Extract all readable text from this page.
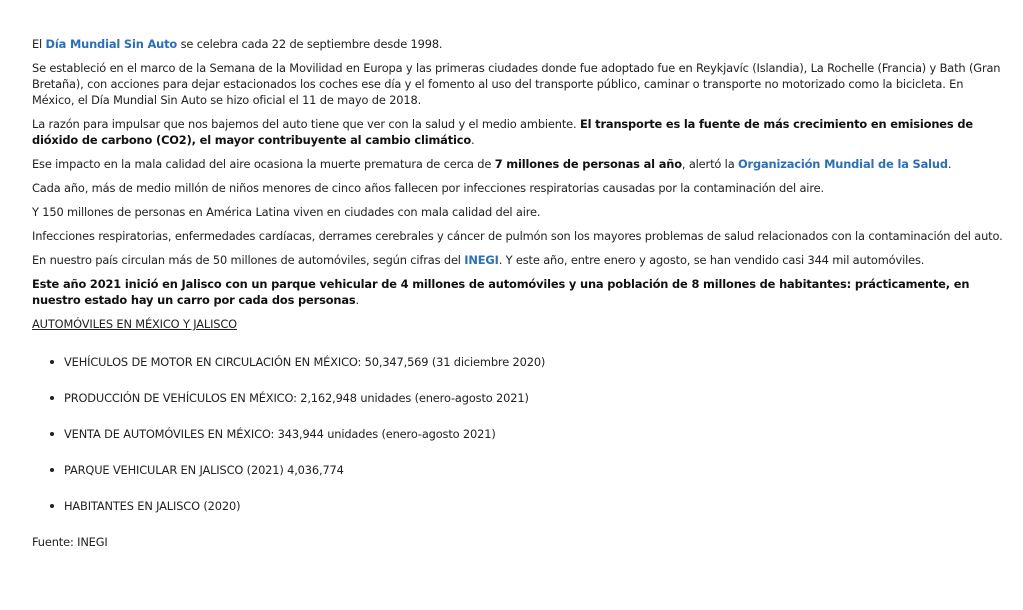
El Día Mundial Sin Auto se celebra cada 22 de septiembre desde 1998.

Se estableció en el marco de la Semana de la Movilidad en Europa y las primeras ciudades donde fue adoptado fue en Reykjavíc (Islandia), La Rochelle (Francia) y Bath (Gran Bretaña), con acciones para dejar estacionados los coches ese día y el fomento al uso del transporte público, caminar o transporte no motorizado como la bicicleta. En México, el Día Mundial Sin Auto se hizo oficial el 11 de mayo de 2018.

La razón para impulsar que nos bajemos del auto tiene que ver con la salud y el medio ambiente. El transporte es la fuente de más crecimiento en emisiones de dióxido de carbono (CO2), el mayor contribuyente al cambio climático.

Ese impacto en la mala calidad del aire ocasiona la muerte prematura de cerca de 7 millones de personas al año, alertó la Organización Mundial de la Salud.

Cada año, más de medio millón de niños menores de cinco años fallecen por infecciones respiratorias causadas por la contaminación del aire.

Y 150 millones de personas en América Latina viven en ciudades con mala calidad del aire.

Infecciones respiratorias, enfermedades cardíacas, derrames cerebrales y cáncer de pulmón son los mayores problemas de salud relacionados con la contaminación del auto.

En nuestro país circulan más de 50 millones de automóviles, según cifras del INEGI. Y este año, entre enero y agosto, se han vendido casi 344 mil automóviles.

Este año 2021 inició en Jalisco con un parque vehicular de 4 millones de automóviles y una población de 8 millones de habitantes: prácticamente, en nuestro estado hay un carro por cada dos personas.

AUTOMÓVILES EN MÉXICO Y JALISCO
VEHÍCULOS DE MOTOR EN CIRCULACIÓN EN MÉXICO: 50,347,569 (31 diciembre 2020)
PRODUCCIÓN DE VEHÍCULOS EN MÉXICO: 2,162,948 unidades (enero-agosto 2021)
VENTA DE AUTOMÓVILES EN MÉXICO: 343,944 unidades (enero-agosto 2021)
PARQUE VEHICULAR EN JALISCO (2021) 4,036,774
HABITANTES EN JALISCO (2020)
Fuente: INEGI
